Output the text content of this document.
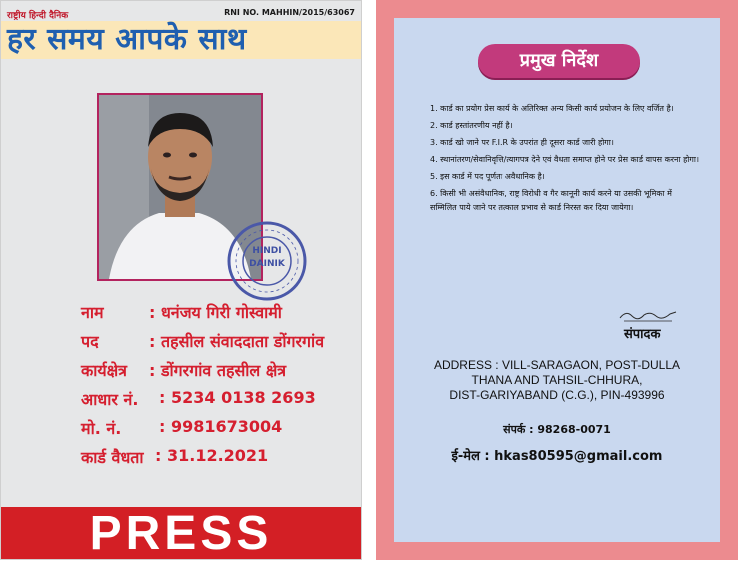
राष्ट्रीय हिन्दी दैनिक	RNI NO. MAHHIN/2015/63067
हर समय आपके साथ
HINDI
DAINIK
नाम	: धनंजय गिरी गोस्वामी
पद	: तहसील संवाददाता डोंगरगांव
कार्यक्षेत्र : डोंगरगांव तहसील क्षेत्र
आधार नं. : 5234 0138 2693
मो. नं. : 9981673004
कार्ड वैधता : 31.12.2021
PRESS
प्रमुख निर्देश
1. कार्ड का प्रयोग प्रेस कार्य के अतिरिक्त अन्य किसी कार्य प्रयोजन के लिए वर्जित है।
2. कार्ड हस्तांतरणीय नहीं है।
3. कार्ड खो जाने पर F.I.R के उपरांत ही दूसरा कार्ड जारी होगा।
4. स्थानांतरण/सेवानिवृत्ति/त्यागपत्र देने एवं वैधता समाप्त होने पर प्रेस कार्ड वापस करना होगा।
5. इस कार्ड में पद पूर्णतः अवैधानिक है।
6. किसी भी असंवैधानिक, राष्ट्र विरोधी व गैर कानूनी कार्य करने या उसकी भूमिका में सम्मिलित पाये जाने पर तत्काल प्रभाव से कार्ड निरस्त कर दिया जायेगा।
संपादक

ADDRESS : VILL-SARAGAON, POST-DULLA

THANA AND TAHSIL-CHHURA,

DIST-GARIYABAND (C.G.), PIN-493996

संपर्क : 98268-0071
ई-मेल : hkas80595@gmail.com
